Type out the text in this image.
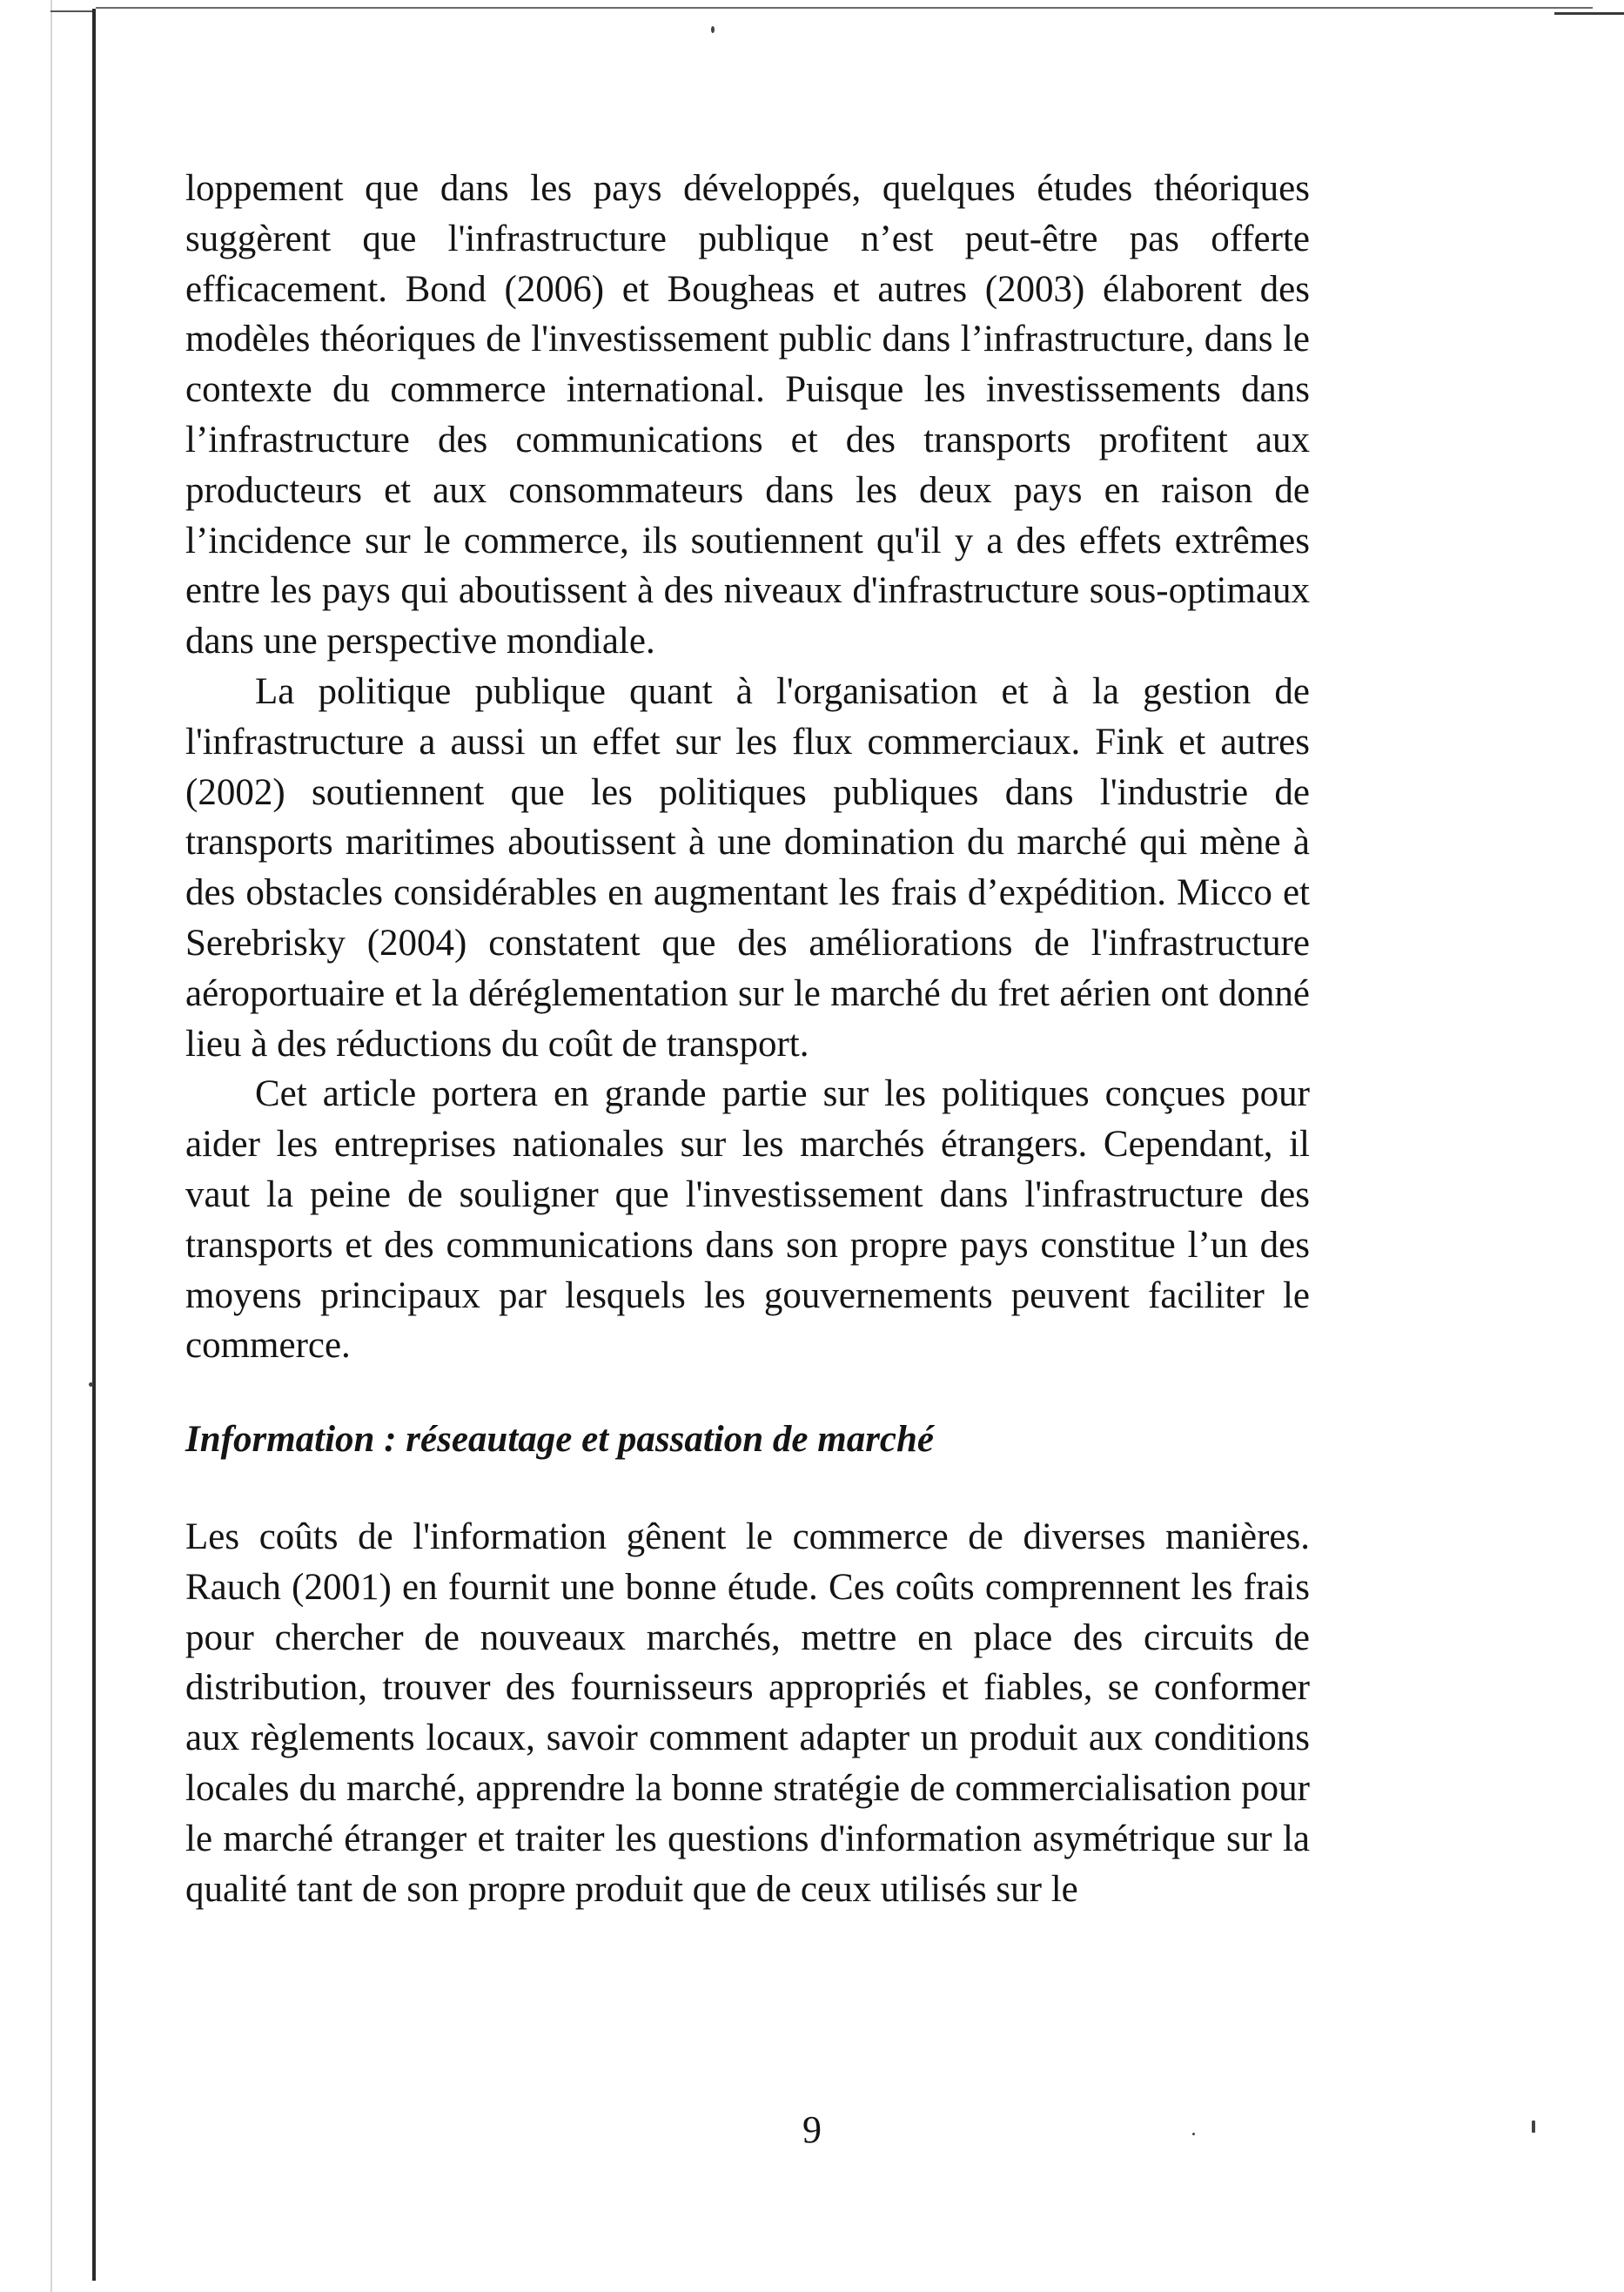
loppement que dans les pays développés, quelques études théoriques suggèrent que l'infrastructure publique n’est peut-être pas offerte efficacement. Bond (2006) et Bougheas et autres (2003) élaborent des modèles théoriques de l'investissement public dans l’infrastructure, dans le contexte du commerce international. Puisque les investissements dans l’infrastructure des communications et des transports profitent aux producteurs et aux consommateurs dans les deux pays en raison de l’incidence sur le commerce, ils soutiennent qu'il y a des effets extrêmes entre les pays qui aboutissent à des niveaux d'infrastructure sous-optimaux dans une perspective mondiale.

La politique publique quant à l'organisation et à la gestion de l'infrastructure a aussi un effet sur les flux commerciaux. Fink et autres (2002) soutiennent que les politiques publiques dans l'industrie de transports maritimes aboutissent à une domination du marché qui mène à des obstacles considérables en augmentant les frais d’expédition. Micco et Serebrisky (2004) constatent que des améliorations de l'infrastructure aéroportuaire et la déréglementation sur le marché du fret aérien ont donné lieu à des réductions du coût de transport.

Cet article portera en grande partie sur les politiques conçues pour aider les entreprises nationales sur les marchés étrangers. Cependant, il vaut la peine de souligner que l'investissement dans l'infrastructure des transports et des communications dans son propre pays constitue l’un des moyens principaux par lesquels les gouvernements peuvent faciliter le commerce.

Information : réseautage et passation de marché

Les coûts de l'information gênent le commerce de diverses manières. Rauch (2001) en fournit une bonne étude. Ces coûts comprennent les frais pour chercher de nouveaux marchés, mettre en place des circuits de distribution, trouver des fournisseurs appropriés et fiables, se conformer aux règlements locaux, savoir comment adapter un produit aux conditions locales du marché, apprendre la bonne stratégie de commercialisation pour le marché étranger et traiter les questions d'information asymétrique sur la qualité tant de son propre produit que de ceux utilisés sur le

9
